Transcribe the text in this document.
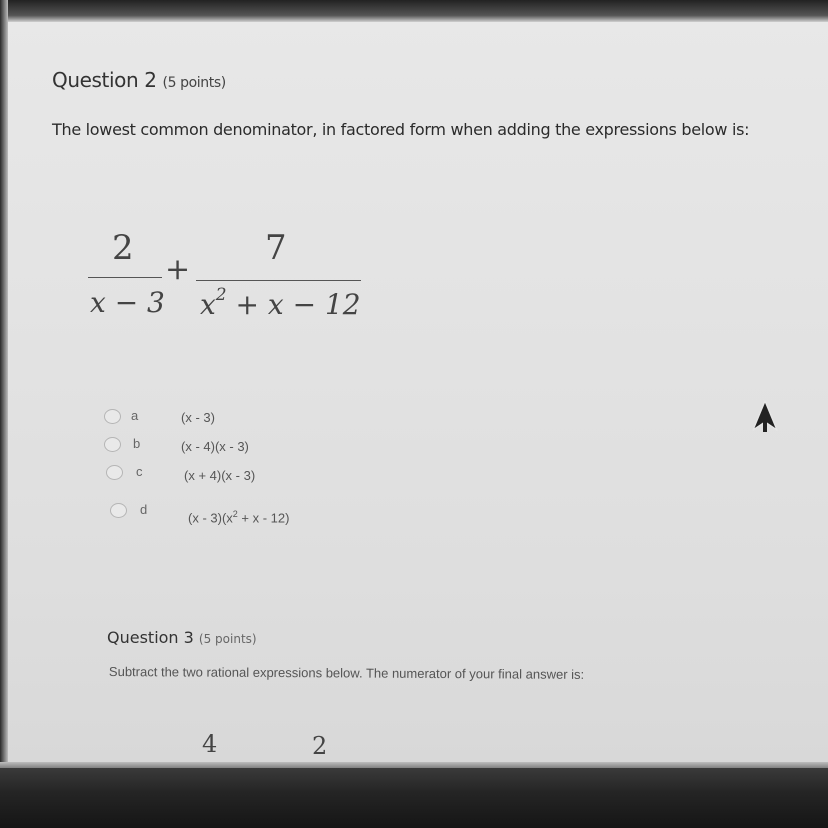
Question 2 (5 points)
The lowest common denominator, in factored form when adding the expressions below is:
2
x − 3
+
7
$x^2 + x - 12$
a	(x - 3)
b	(x - 4)(x - 3)
c	(x + 4)(x - 3)
d
$(x - 3)(x^2 + x - 12)$
Question 3 (5 points)
Subtract the two rational expressions below. The numerator of your final answer is:
4	2
